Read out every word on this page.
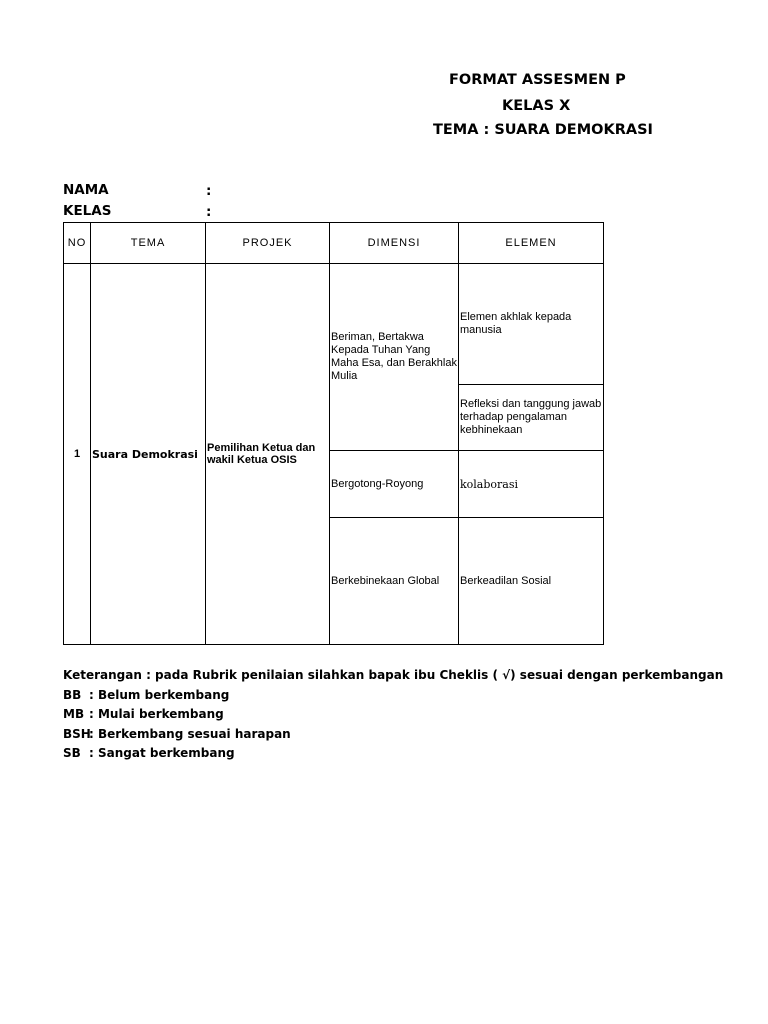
FORMAT ASSESMEN P
KELAS X
TEMA : SUARA DEMOKRASI
NAMA	:
KELAS	:
NO	TEMA	PROJEK	DIMENSI	ELEMEN
1	Suara Demokrasi	Pemilihan Ketua dan wakil Ketua OSIS	Beriman, Bertakwa Kepada Tuhan Yang Maha Esa, dan Berakhlak Mulia	Elemen akhlak kepada manusia
				Refleksi dan tanggung jawab terhadap pengalaman kebhinekaan
			Bergotong-Royong	kolaborasi
			Berkebinekaan Global	Berkeadilan Sosial
Keterangan : pada Rubrik penilaian silahkan bapak ibu Cheklis ( √) sesuai dengan perkembangan
BB : Belum berkembang
MB : Mulai berkembang
BSH: Berkembang sesuai harapan
SB : Sangat berkembang
